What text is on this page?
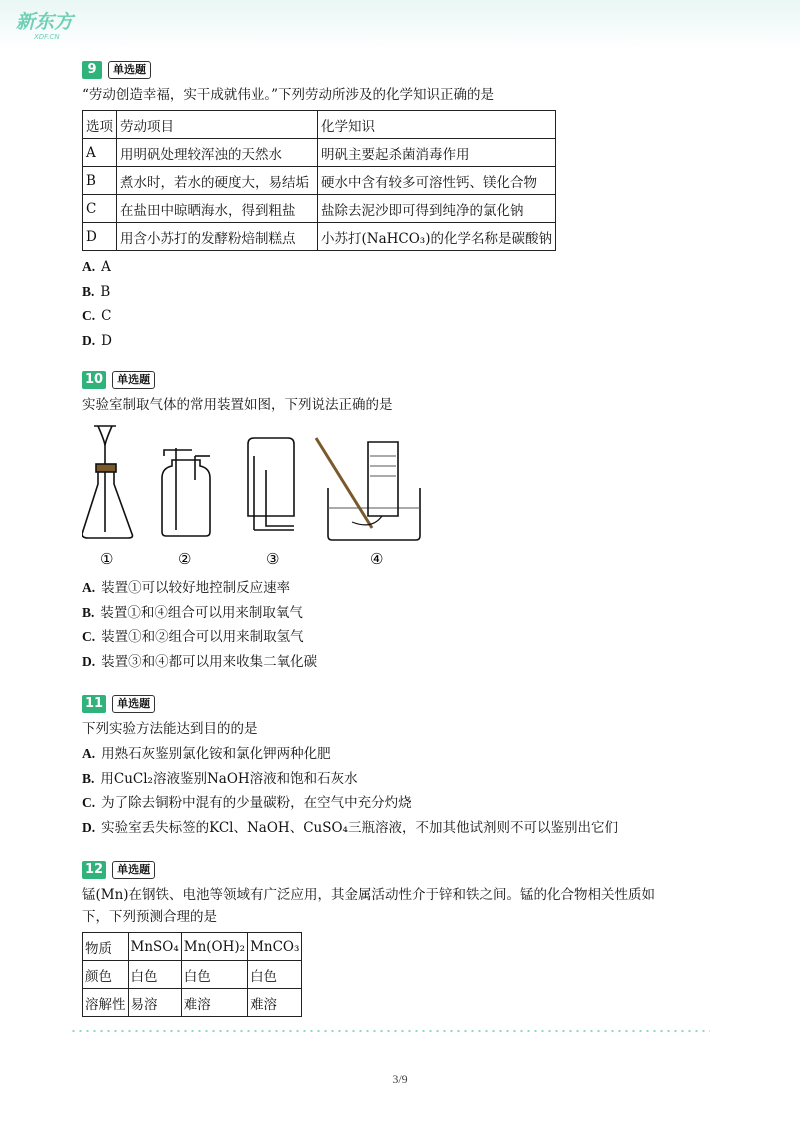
新东方
XDF.CN
9	单选题
“劳动创造幸福，实干成就伟业。”下列劳动所涉及的化学知识正确的是
选项	劳动项目	化学知识
A	用明矾处理较浑浊的天然水	明矾主要起杀菌消毒作用
B	煮水时，若水的硬度大，易结垢	硬水中含有较多可溶性钙、镁化合物
C	在盐田中晾晒海水，得到粗盐	盐除去泥沙即可得到纯净的氯化钠
D	用含小苏打的发酵粉焙制糕点	小苏打(NaHCO₃)的化学名称是碳酸钠
A. A
B. B
C. C
D. D
10	单选题
实验室制取气体的常用装置如图，下列说法正确的是
①	②	③	④
A. 装置①可以较好地控制反应速率
B. 装置①和④组合可以用来制取氧气
C. 装置①和②组合可以用来制取氢气
D. 装置③和④都可以用来收集二氧化碳
11	单选题
下列实验方法能达到目的的是
A. 用熟石灰鉴别氯化铵和氯化钾两种化肥
B. 用CuCl₂溶液鉴别NaOH溶液和饱和石灰水
C. 为了除去铜粉中混有的少量碳粉，在空气中充分灼烧
D. 实验室丢失标签的KCl、NaOH、CuSO₄三瓶溶液，不加其他试剂则不可以鉴别出它们
12	单选题
锰(Mn)在钢铁、电池等领域有广泛应用，其金属活动性介于锌和铁之间。锰的化合物相关性质如
下，下列预测合理的是
物质	MnSO₄	Mn(OH)₂	MnCO₃
颜色	白色	白色	白色
溶解性	易溶	难溶	难溶
3/9
